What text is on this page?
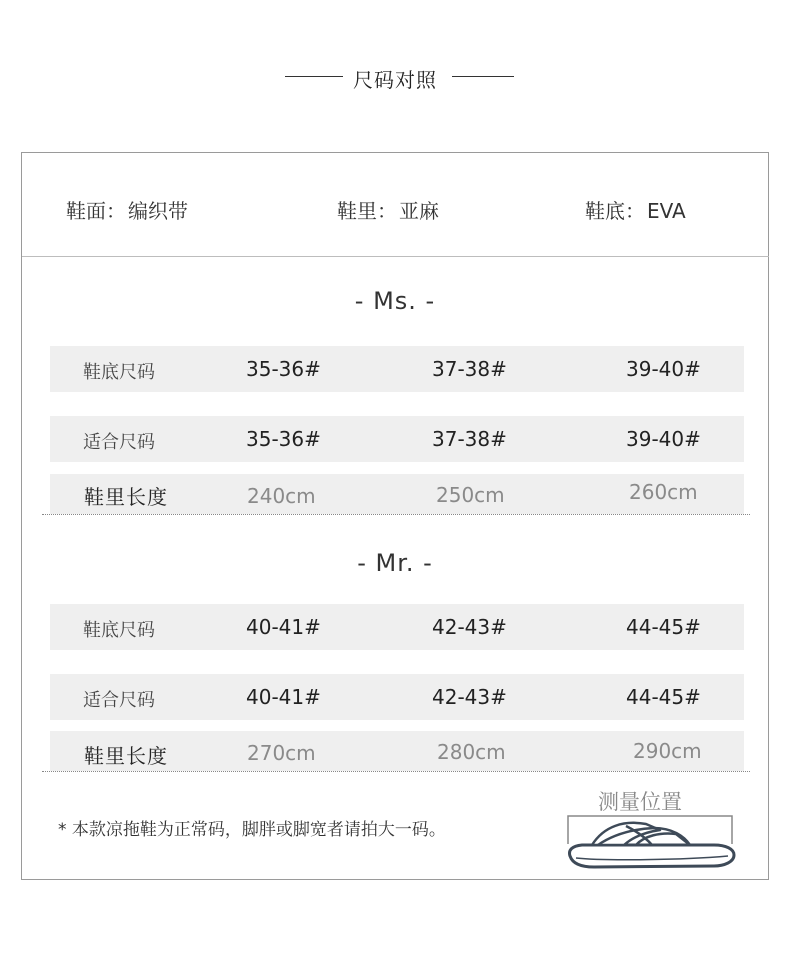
尺码对照
鞋面： 编织带	鞋里： 亚麻	鞋底： EVA
- Ms. -
鞋底尺码	35-36#	37-38#	39-40#
适合尺码	35-36#	37-38#	39-40#
鞋里长度	240cm	250cm	260cm
- Mr. -
鞋底尺码	40-41#	42-43#	44-45#
适合尺码	40-41#	42-43#	44-45#
鞋里长度	270cm	280cm	290cm
* 本款凉拖鞋为正常码，脚胖或脚宽者请拍大一码。
测量位置
